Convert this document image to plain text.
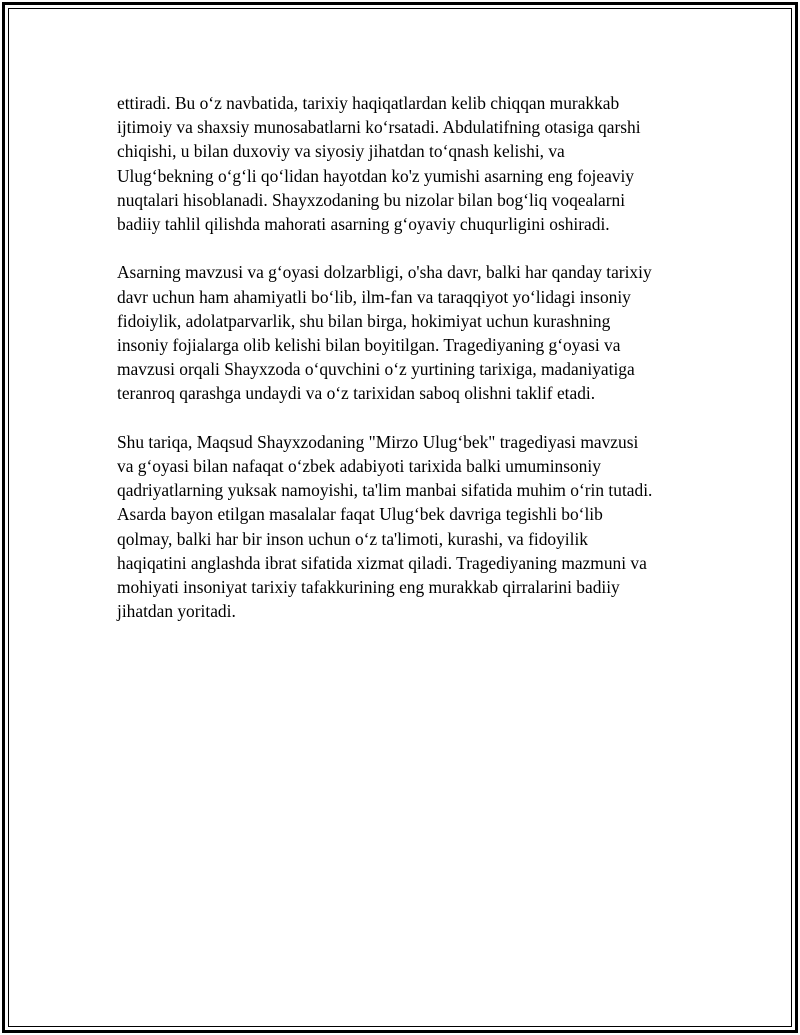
ettiradi. Bu o‘z navbatida, tarixiy haqiqatlardan kelib chiqqan murakkab
ijtimoiy va shaxsiy munosabatlarni ko‘rsatadi. Abdulatifning otasiga qarshi
chiqishi, u bilan duxoviy va siyosiy jihatdan to‘qnash kelishi, va
Ulug‘bekning o‘g‘li qo‘lidan hayotdan ko'z yumishi asarning eng fojeaviy
nuqtalari hisoblanadi. Shayxzodaning bu nizolar bilan bog‘liq voqealarni
badiiy tahlil qilishda mahorati asarning g‘oyaviy chuqurligini oshiradi.
Asarning mavzusi va g‘oyasi dolzarbligi, o'sha davr, balki har qanday tarixiy
davr uchun ham ahamiyatli bo‘lib, ilm-fan va taraqqiyot yo‘lidagi insoniy
fidoiylik, adolatparvarlik, shu bilan birga, hokimiyat uchun kurashning
insoniy fojialarga olib kelishi bilan boyitilgan. Tragediyaning g‘oyasi va
mavzusi orqali Shayxzoda o‘quvchini o‘z yurtining tarixiga, madaniyatiga
teranroq qarashga undaydi va o‘z tarixidan saboq olishni taklif etadi.
Shu tariqa, Maqsud Shayxzodaning "Mirzo Ulug‘bek" tragediyasi mavzusi
va g‘oyasi bilan nafaqat o‘zbek adabiyoti tarixida balki umuminsoniy
qadriyatlarning yuksak namoyishi, ta'lim manbai sifatida muhim o‘rin tutadi.
Asarda bayon etilgan masalalar faqat Ulug‘bek davriga tegishli bo‘lib
qolmay, balki har bir inson uchun o‘z ta'limoti, kurashi, va fidoyilik
haqiqatini anglashda ibrat sifatida xizmat qiladi. Tragediyaning mazmuni va
mohiyati insoniyat tarixiy tafakkurining eng murakkab qirralarini badiiy
jihatdan yoritadi.
